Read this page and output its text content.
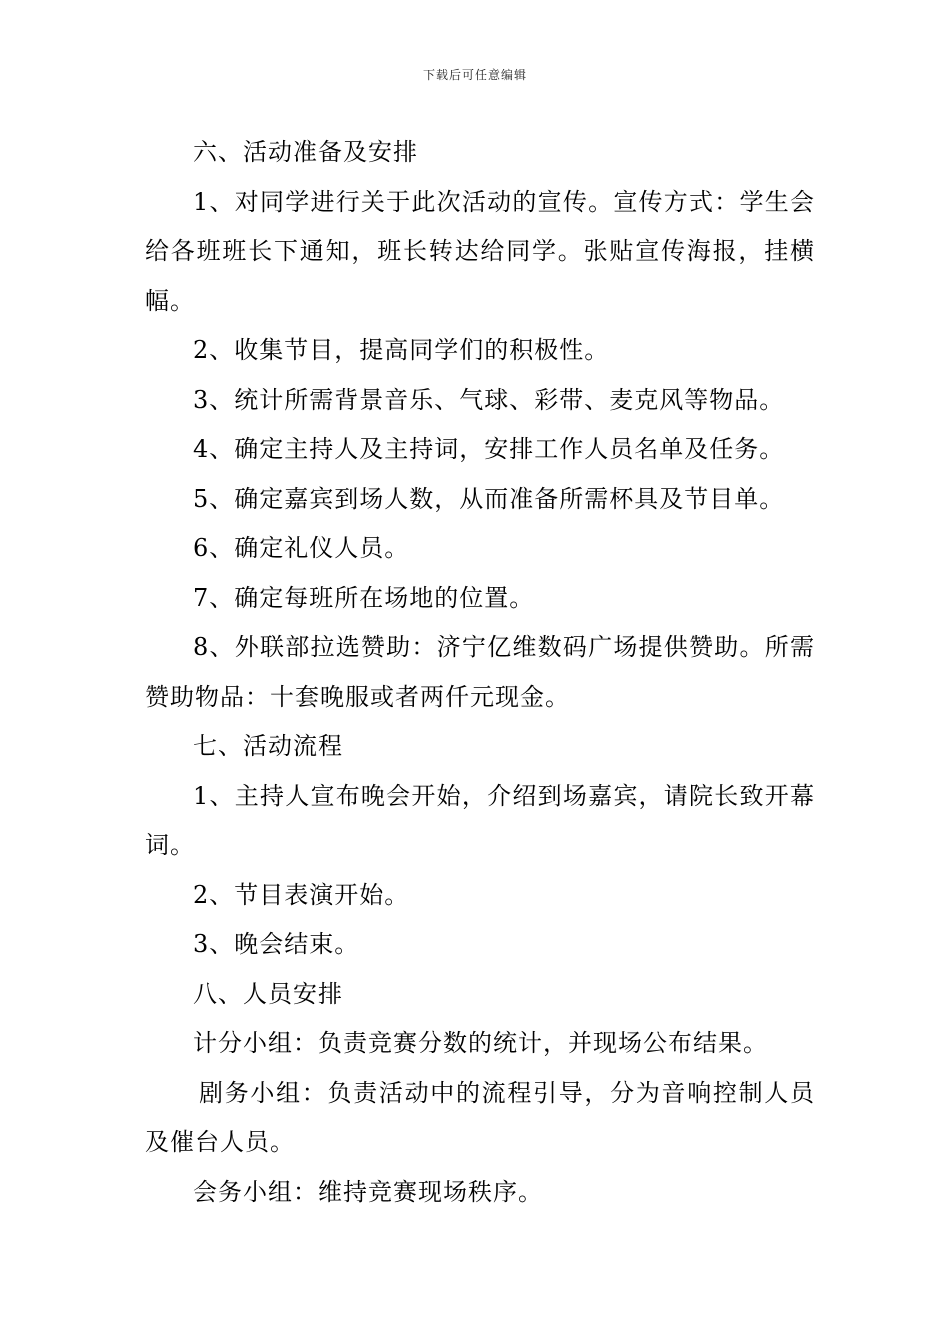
下载后可任意编辑

六、活动准备及安排

1、对同学进行关于此次活动的宣传。宣传方式：学生会给各班班长下通知，班长转达给同学。张贴宣传海报，挂横幅。

2、收集节目，提高同学们的积极性。

3、统计所需背景音乐、气球、彩带、麦克风等物品。

4、确定主持人及主持词，安排工作人员名单及任务。

5、确定嘉宾到场人数，从而准备所需杯具及节目单。

6、确定礼仪人员。

7、确定每班所在场地的位置。

8、外联部拉选赞助：济宁亿维数码广场提供赞助。所需赞助物品：十套晚服或者两仟元现金。

七、活动流程

1、主持人宣布晚会开始，介绍到场嘉宾，请院长致开幕词。

2、节目表演开始。

3、晚会结束。

八、人员安排

计分小组：负责竞赛分数的统计，并现场公布结果。

剧务小组：负责活动中的流程引导，分为音响控制人员及催台人员。

会务小组：维持竞赛现场秩序。
